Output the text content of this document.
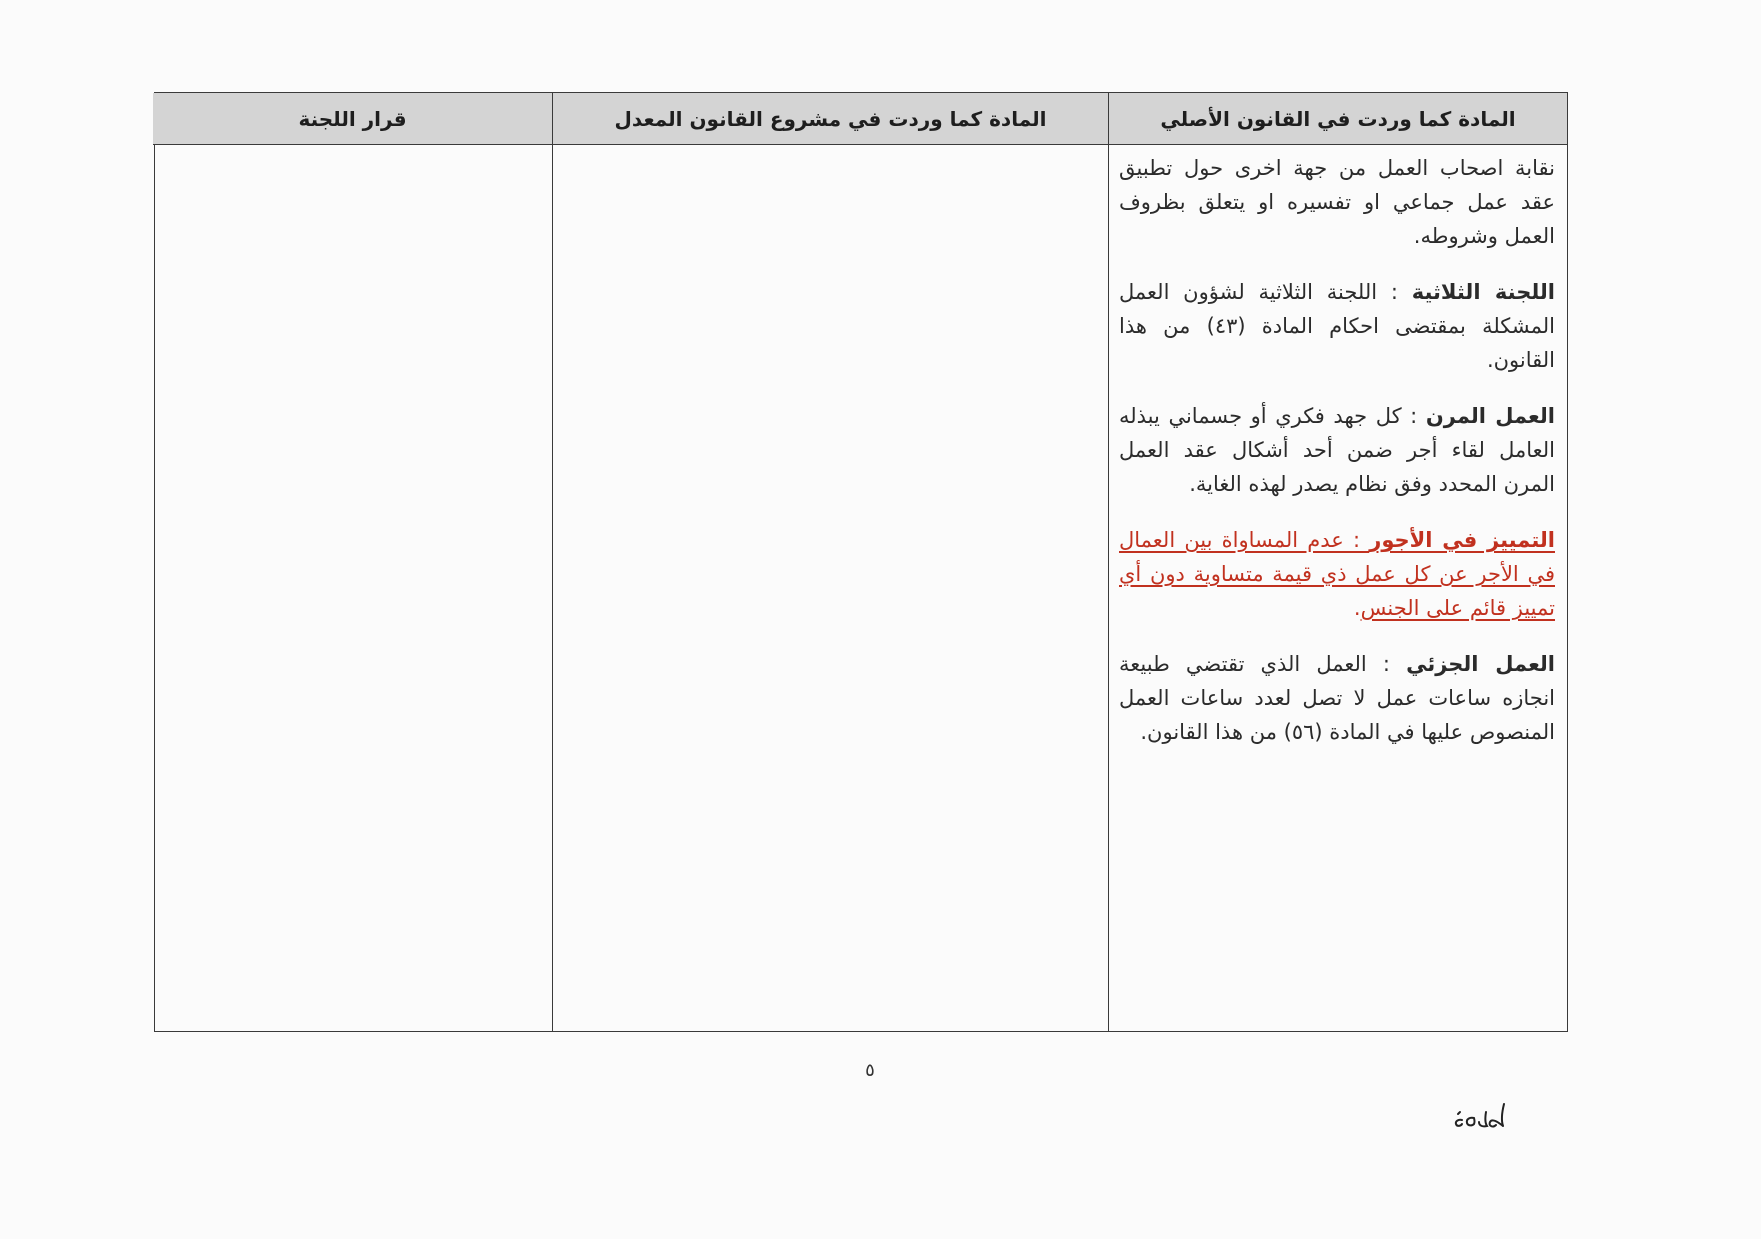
المادة كما وردت في القانون الأصلي
المادة كما وردت في مشروع القانون المعدل
قرار اللجنة

نقابة اصحاب العمل من جهة اخرى حول تطبيق عقد عمل جماعي او تفسيره او يتعلق بظروف العمل وشروطه.

اللجنة الثلاثية : اللجنة الثلاثية لشؤون العمل المشكلة بمقتضى احكام المادة (٤٣) من هذا القانون.

العمل المرن : كل جهد فكري أو جسماني يبذله العامل لقاء أجر ضمن أحد أشكال عقد العمل المرن المحدد وفق نظام يصدر لهذه الغاية.

التمييز في الأجور : عدم المساواة بين العمال في الأجر عن كل عمل ذي قيمة متساوية دون أي تمييز قائم على الجنس.

العمل الجزئي : العمل الذي تقتضي طبيعة انجازه ساعات عمل لا تصل لعدد ساعات العمل المنصوص عليها في المادة (٥٦) من هذا القانون.

٥
